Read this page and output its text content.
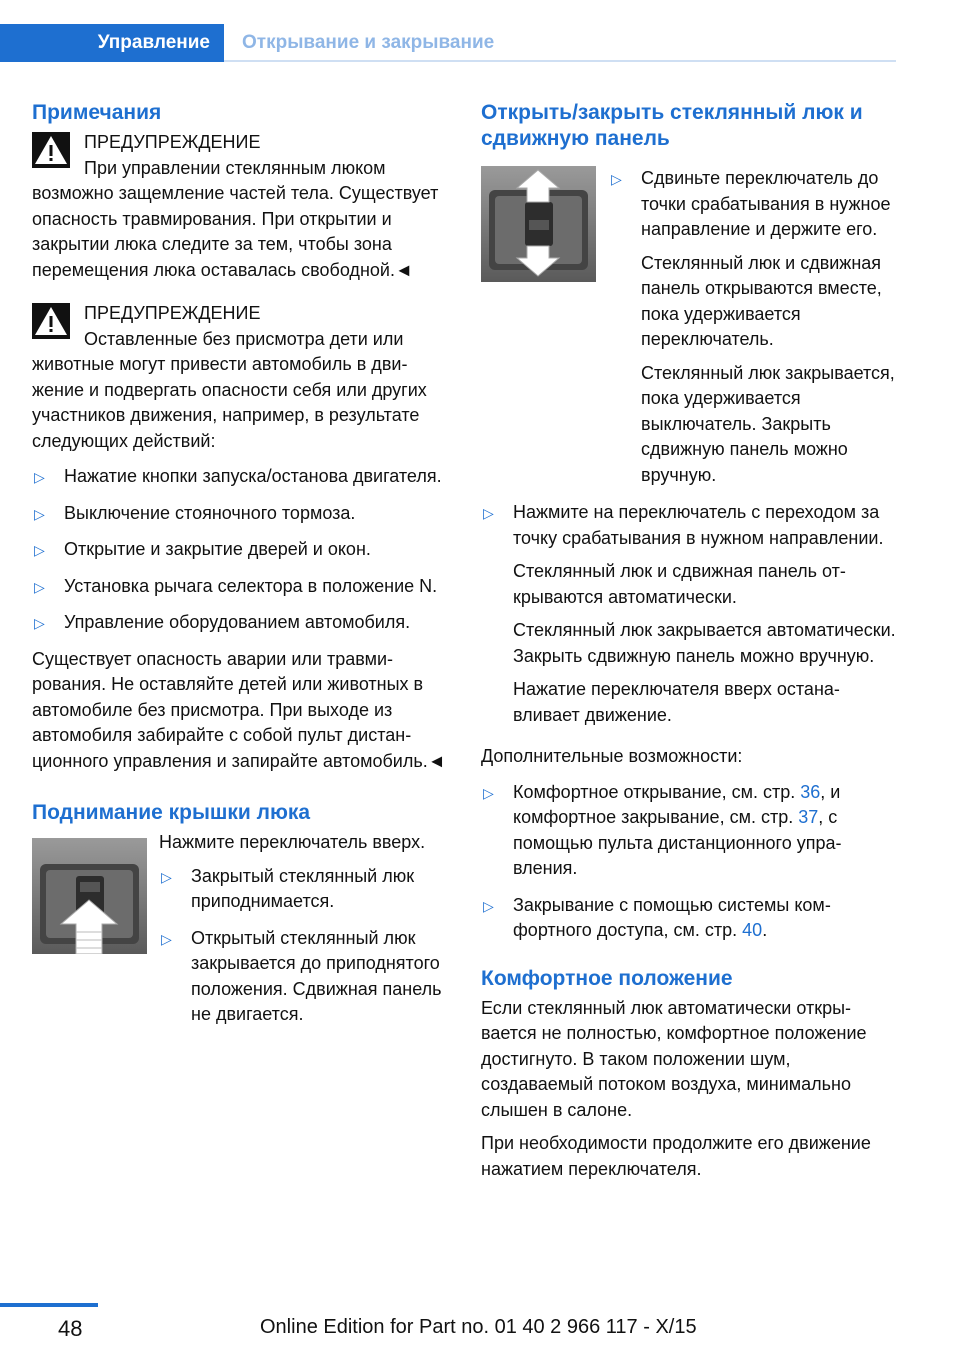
Управление	Открывание и закрывание
Примечания
ПРЕДУПРЕЖДЕНИЕ
При управлении стеклянным люком
возможно защемление частей тела. Существует опасность травмирования. При открытии и закрытии люка следите за тем, чтобы зона перемещения люка оставалась свободной.◄
ПРЕДУПРЕЖДЕНИЕ
Оставленные без присмотра дети или
животные могут привести автомобиль в движение и подвергать опасности себя или других участников движения, например, в результате следующих действий:
▷ Нажатие кнопки запуска/останова двигателя.
▷ Выключение стояночного тормоза.
▷ Открытие и закрытие дверей и окон.
▷ Установка рычага селектора в положение N.
▷ Управление оборудованием автомобиля.
Существует опасность аварии или травмирования. Не оставляйте детей или животных в автомобиле без присмотра. При выходе из автомобиля забирайте с собой пульт дистанционного управления и запирайте автомобиль.◄
Поднимание крышки люка

Нажмите переключатель вверх.

▷ Закрытый стеклянный люк приподнимается.
▷ Открытый стеклянный люк закрывается до приподнятого положения. Сдвижная панель не двигается.
Открыть/закрыть стеклянный люк и сдвижную панель
▷ Сдвиньте переключатель до точки срабатывания в нужное направление и держите его.

Стеклянный люк и сдвижная панель открываются вместе, пока удерживается переключатель.

Стеклянный люк закрывается, пока удерживается выключатель. Закрыть сдвижную панель можно вручную.

▷ Нажмите на переключатель с переходом за точку срабатывания в нужном направлении.

Стеклянный люк и сдвижная панель открываются автоматически.

Стеклянный люк закрывается автоматически. Закрыть сдвижную панель можно вручную.

Нажатие переключателя вверх останавливает движение.

Дополнительные возможности:

▷ Комфортное открывание, см. стр. 36, и комфортное закрывание, см. стр. 37, с помощью пульта дистанционного управления.
▷ Закрывание с помощью системы комфортного доступа, см. стр. 40.
Комфортное положение

Если стеклянный люк автоматически открывается не полностью, комфортное положение достигнуто. В таком положении шум, создаваемый потоком воздуха, минимально слышен в салоне.

При необходимости продолжите его движение нажатием переключателя.

48	Online Edition for Part no. 01 40 2 966 117 - X/15
